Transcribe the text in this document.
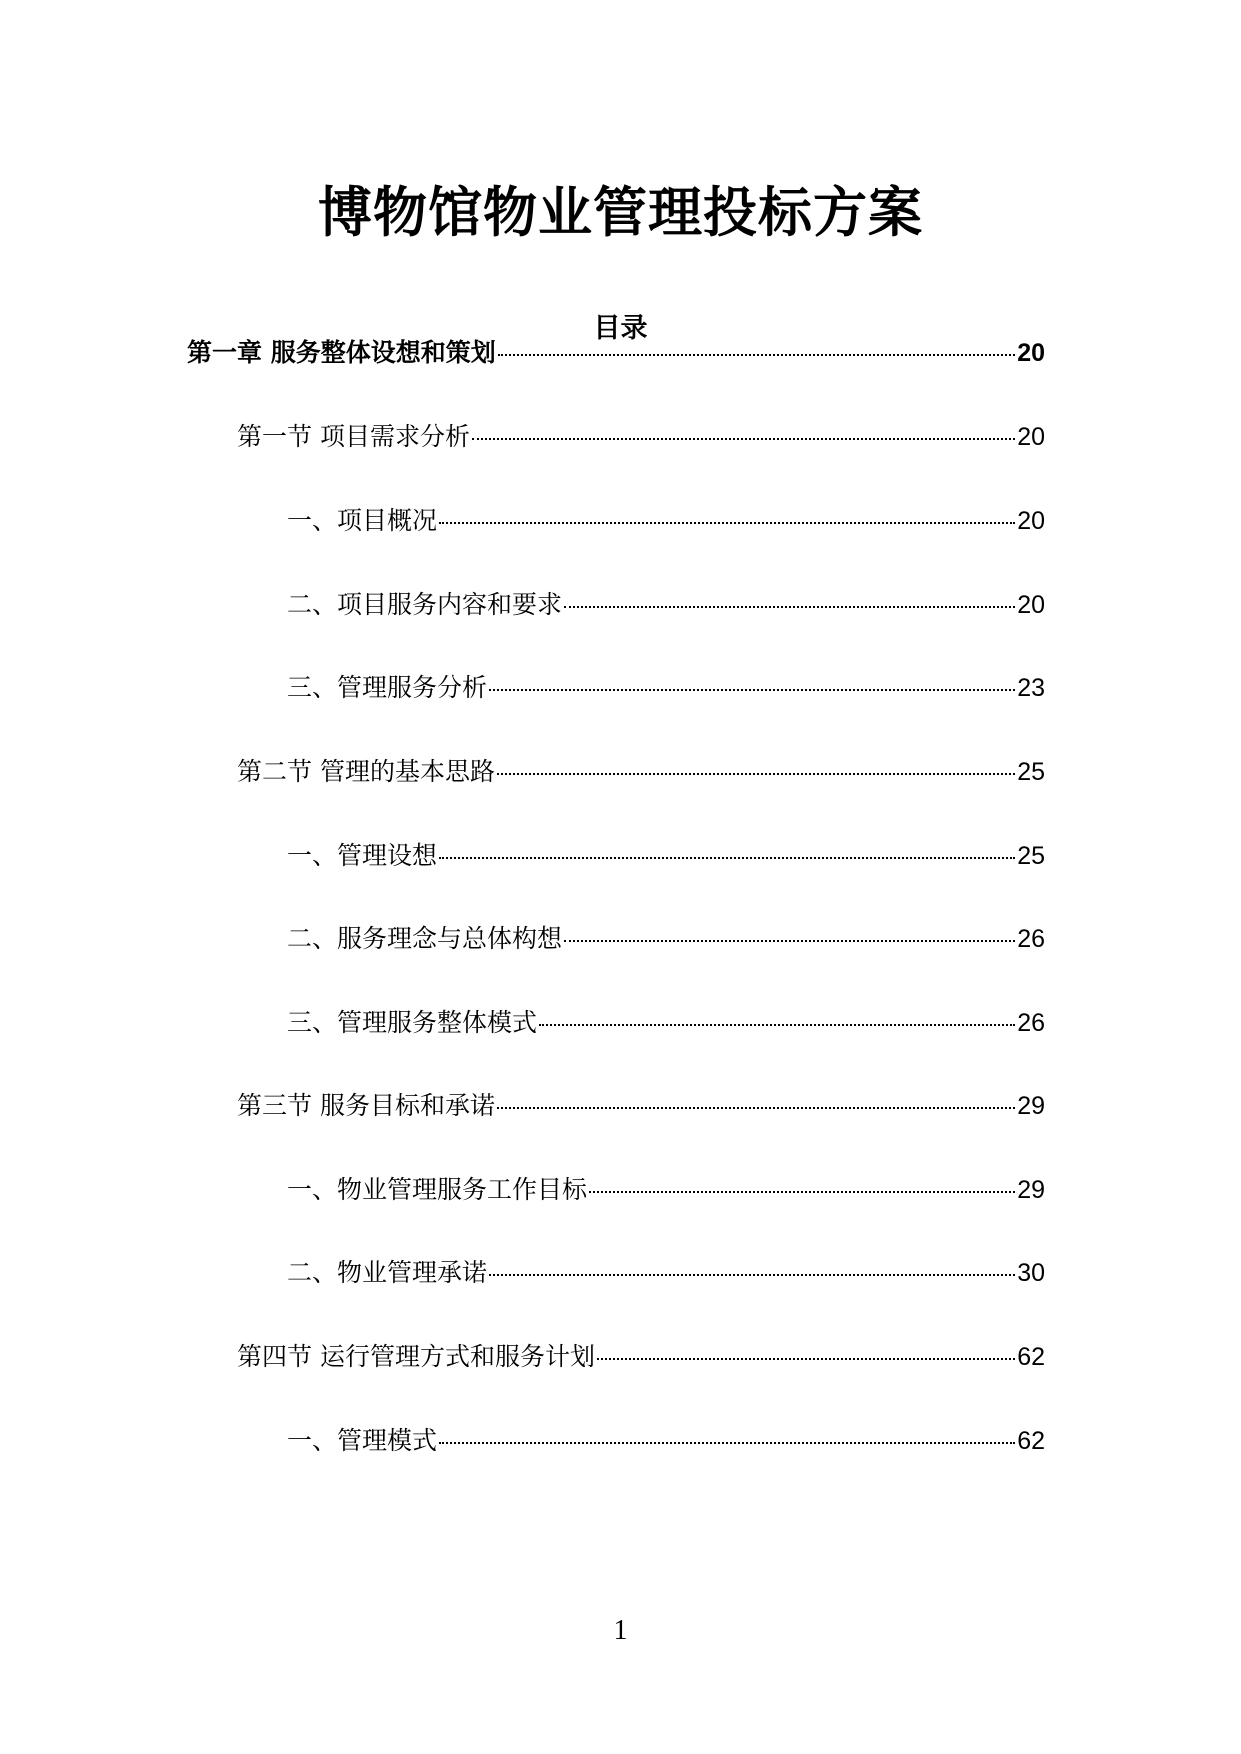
博物馆物业管理投标方案
目录
第一章 服务整体设想和策划	20
第一节 项目需求分析	20
一、项目概况	20
二、项目服务内容和要求	20
三、管理服务分析	23
第二节 管理的基本思路	25
一、管理设想	25
二、服务理念与总体构想	26
三、管理服务整体模式	26
第三节 服务目标和承诺	29
一、物业管理服务工作目标	29
二、物业管理承诺	30
第四节 运行管理方式和服务计划	62
一、管理模式	62
1
